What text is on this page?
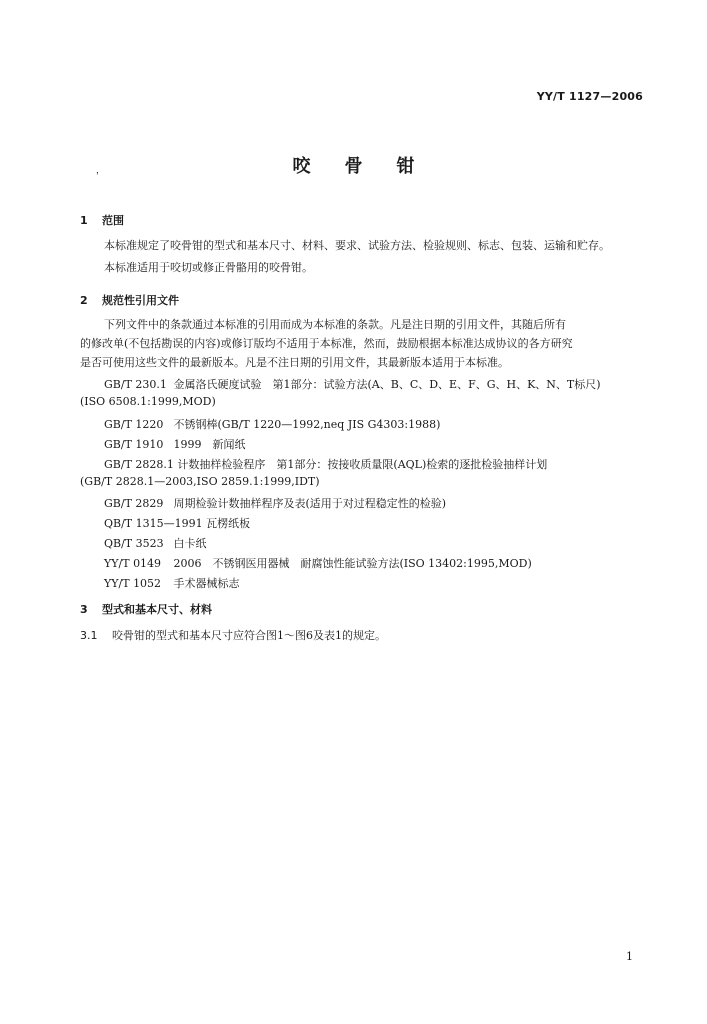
YY/T 1127—2006
，	咬骨钳
1 范围
本标准规定了咬骨钳的型式和基本尺寸、材料、要求、试验方法、检验规则、标志、包装、运输和贮存。
本标准适用于咬切或修正骨骼用的咬骨钳。
2 规范性引用文件
下列文件中的条款通过本标准的引用而成为本标准的条款。凡是注日期的引用文件，其随后所有
的修改单(不包括勘误的内容)或修订版均不适用于本标准，然而，鼓励根据本标准达成协议的各方研究
是否可使用这些文件的最新版本。凡是不注日期的引用文件，其最新版本适用于本标准。
GB/T 230.1 金属洛氏硬度试验　第1部分：试验方法(A、B、C、D、E、F、G、H、K、N、T标尺)
(ISO 6508.1:1999,MOD)
GB/T 1220 不锈钢棒(GB/T 1220—1992,neq JIS G4303:1988)
GB/T 1910 1999　新闻纸
GB/T 2828.1 计数抽样检验程序　第1部分：按接收质量限(AQL)检索的逐批检验抽样计划
(GB/T 2828.1—2003,ISO 2859.1:1999,IDT)
GB/T 2829 周期检验计数抽样程序及表(适用于对过程稳定性的检验)
QB/T 1315—1991 瓦楞纸板
QB/T 3523 白卡纸
YY/T 0149 2006　不锈钢医用器械　耐腐蚀性能试验方法(ISO 13402:1995,MOD)
YY/T 1052 手术器械标志
3 型式和基本尺寸、材料
3.1 咬骨钳的型式和基本尺寸应符合图1～图6及表1的规定。
1
